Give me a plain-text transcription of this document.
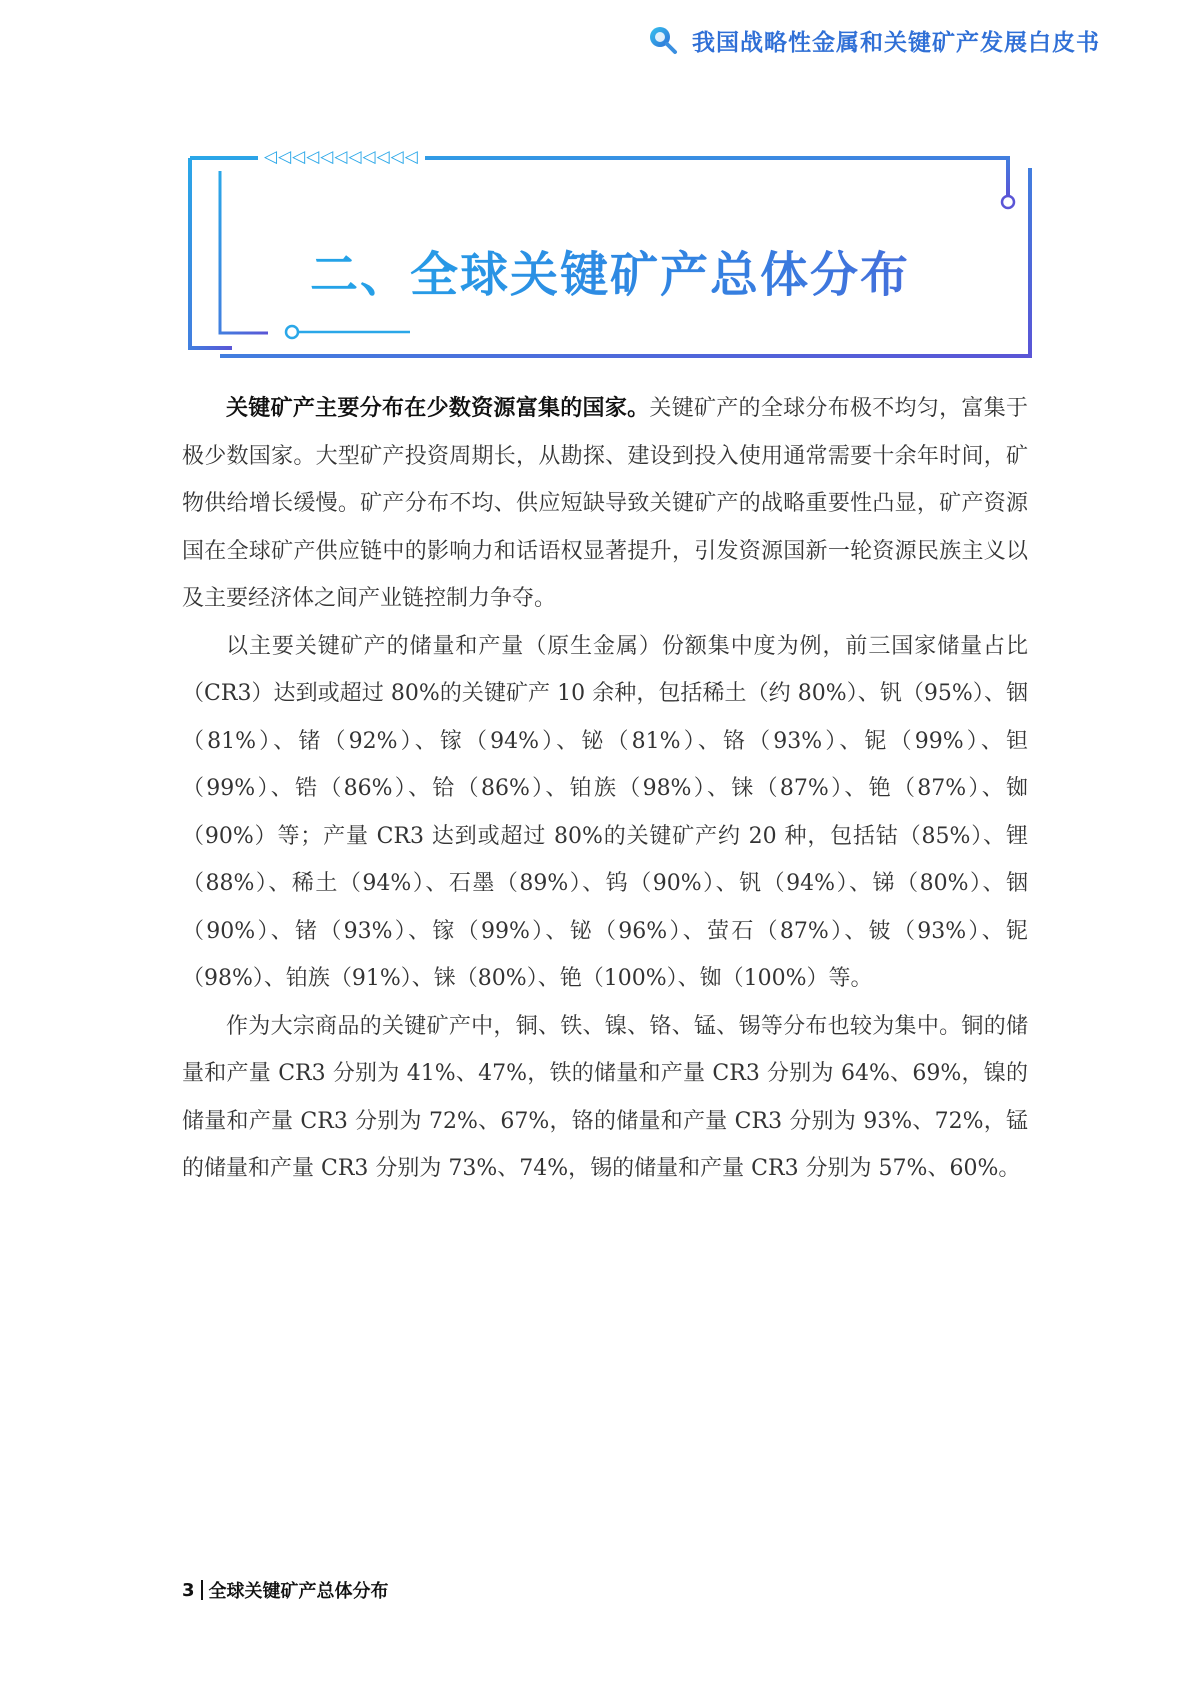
我国战略性金属和关键矿产发展白皮书
◁◁◁◁◁◁◁◁◁◁◁
二、全球关键矿产总体分布

关键矿产主要分布在少数资源富集的国家。关键矿产的全球分布极不均匀，富集于极少数国家。大型矿产投资周期长，从勘探、建设到投入使用通常需要十余年时间，矿物供给增长缓慢。矿产分布不均、供应短缺导致关键矿产的战略重要性凸显，矿产资源国在全球矿产供应链中的影响力和话语权显著提升，引发资源国新一轮资源民族主义以及主要经济体之间产业链控制力争夺。

以主要关键矿产的储量和产量（原生金属）份额集中度为例，前三国家储量占比（CR3）达到或超过 80%的关键矿产 10 余种，包括稀土（约 80%）、钒（95%）、铟（81%）、锗（92%）、镓（94%）、铋（81%）、铬（93%）、铌（99%）、钽（99%）、锆（86%）、铪（86%）、铂族（98%）、铼（87%）、铯（87%）、铷（90%）等；产量 CR3 达到或超过 80%的关键矿产约 20 种，包括钴（85%）、锂（88%）、稀土（94%）、石墨（89%）、钨（90%）、钒（94%）、锑（80%）、铟（90%）、锗（93%）、镓（99%）、铋（96%）、萤石（87%）、铍（93%）、铌（98%）、铂族（91%）、铼（80%）、铯（100%）、铷（100%）等。

作为大宗商品的关键矿产中，铜、铁、镍、铬、锰、锡等分布也较为集中。铜的储量和产量 CR3 分别为 41%、47%，铁的储量和产量 CR3 分别为 64%、69%，镍的储量和产量 CR3 分别为 72%、67%，铬的储量和产量 CR3 分别为 93%、72%，锰的储量和产量 CR3 分别为 73%、74%，锡的储量和产量 CR3 分别为 57%、60%。

3 全球关键矿产总体分布
